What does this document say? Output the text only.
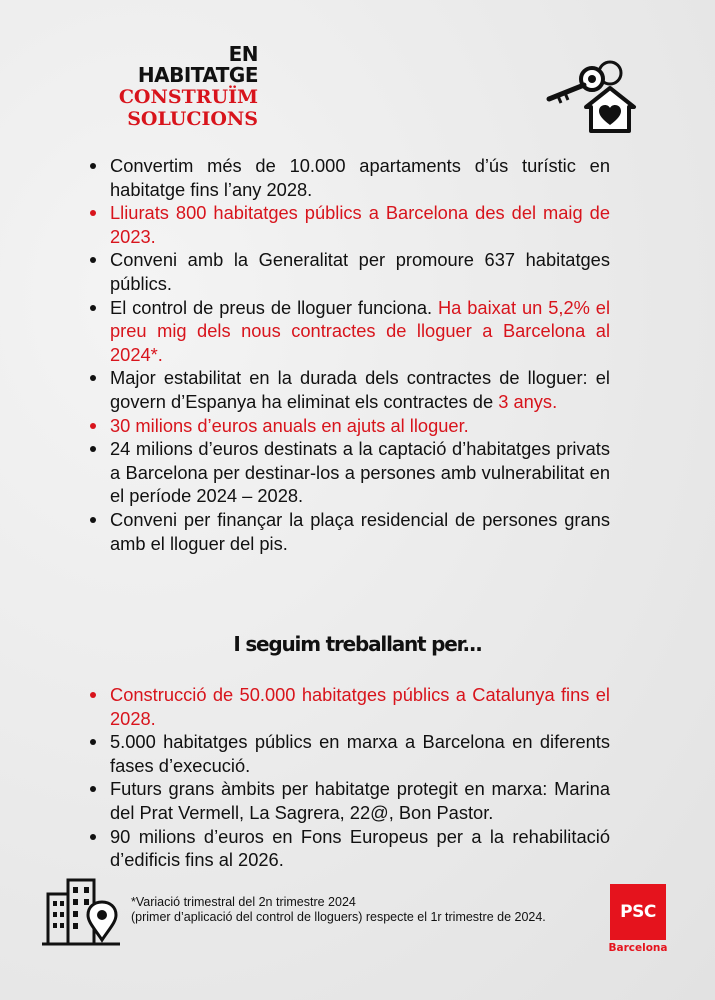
EN
HABITATGE
CONSTRUÏM
SOLUCIONS
Convertim més de 10.000 apartaments d’ús turístic en habitatge fins l’any 2028.
Lliurats 800 habitatges públics a Barcelona des del maig de 2023.
Conveni amb la Generalitat per promoure 637 habitatges públics.
El control de preus de lloguer funciona. Ha baixat un 5,2% el preu mig dels nous contractes de lloguer a Barcelona al 2024*.
Major estabilitat en la durada dels contractes de lloguer: el govern d’Espanya ha eliminat els contractes de 3 anys.
30 milions d’euros anuals en ajuts al lloguer.
24 milions d’euros destinats a la captació d’habitatges privats a Barcelona per destinar-los a persones amb vulnerabilitat en el període 2024 – 2028.
Conveni per finançar la plaça residencial de persones grans amb el lloguer del pis.
I seguim treballant per...
Construcció de 50.000 habitatges públics a Catalunya fins el 2028.
5.000 habitatges públics en marxa a Barcelona en diferents fases d’execució.
Futurs grans àmbits per habitatge protegit en marxa: Marina del Prat Vermell, La Sagrera, 22@, Bon Pastor.
90 milions d’euros en Fons Europeus per a la rehabilitació d’edificis fins al 2026.
*Variació trimestral del 2n trimestre 2024
(primer d’aplicació del control de lloguers) respecte el 1r trimestre de 2024.	PSC
Barcelona
